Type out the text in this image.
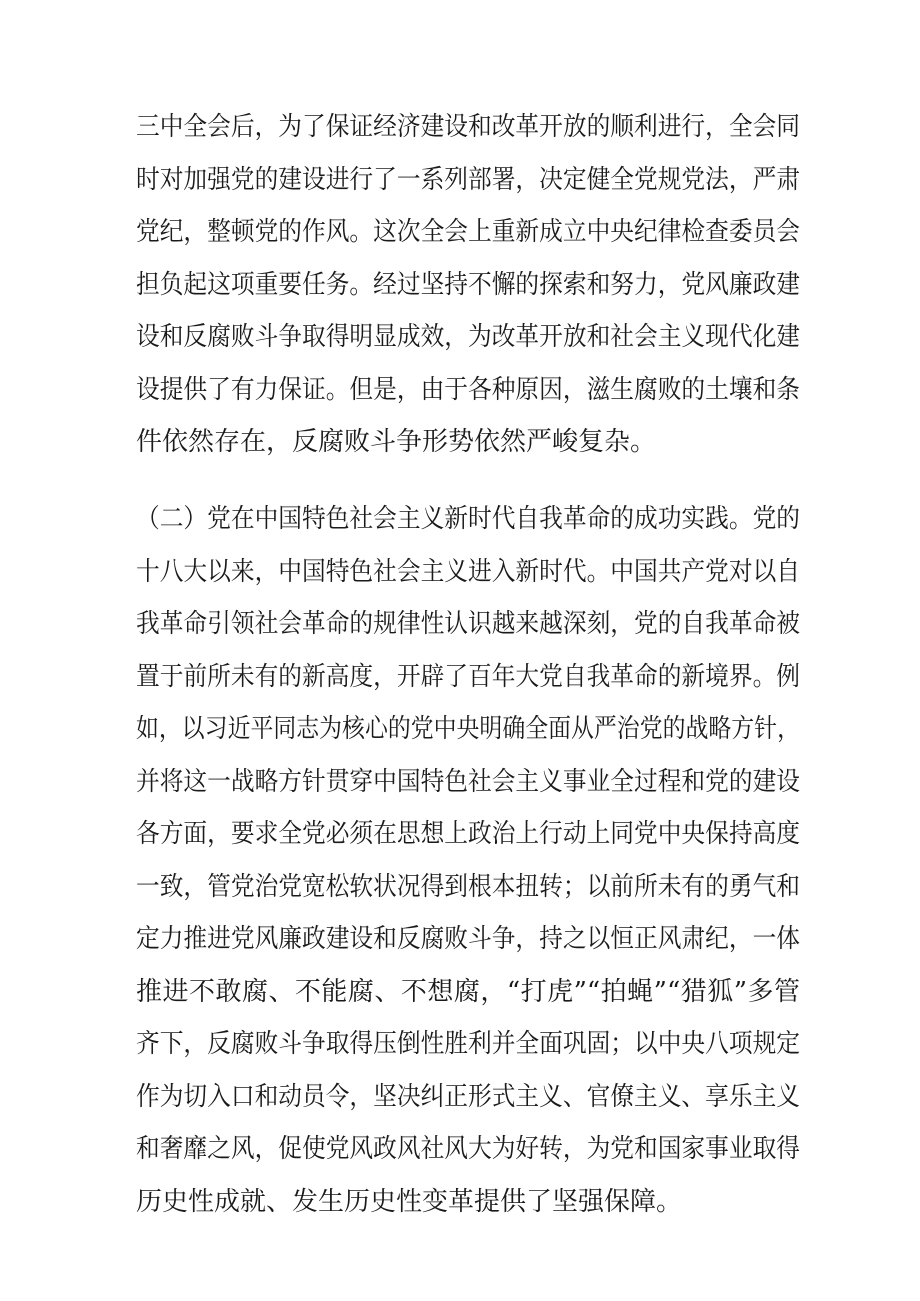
三中全会后，为了保证经济建设和改革开放的顺利进行，全会同
时对加强党的建设进行了一系列部署，决定健全党规党法，严肃
党纪，整顿党的作风。这次全会上重新成立中央纪律检查委员会
担负起这项重要任务。经过坚持不懈的探索和努力，党风廉政建
设和反腐败斗争取得明显成效，为改革开放和社会主义现代化建
设提供了有力保证。但是，由于各种原因，滋生腐败的土壤和条
件依然存在，反腐败斗争形势依然严峻复杂。
（二）党在中国特色社会主义新时代自我革命的成功实践。党的
十八大以来，中国特色社会主义进入新时代。中国共产党对以自
我革命引领社会革命的规律性认识越来越深刻，党的自我革命被
置于前所未有的新高度，开辟了百年大党自我革命的新境界。例
如，以习近平同志为核心的党中央明确全面从严治党的战略方针，
并将这一战略方针贯穿中国特色社会主义事业全过程和党的建设
各方面，要求全党必须在思想上政治上行动上同党中央保持高度
一致，管党治党宽松软状况得到根本扭转；以前所未有的勇气和
定力推进党风廉政建设和反腐败斗争，持之以恒正风肃纪，一体
推进不敢腐、不能腐、不想腐，“打虎”“拍蝇”“猎狐”多管
齐下，反腐败斗争取得压倒性胜利并全面巩固；以中央八项规定
作为切入口和动员令，坚决纠正形式主义、官僚主义、享乐主义
和奢靡之风，促使党风政风社风大为好转，为党和国家事业取得
历史性成就、发生历史性变革提供了坚强保障。
